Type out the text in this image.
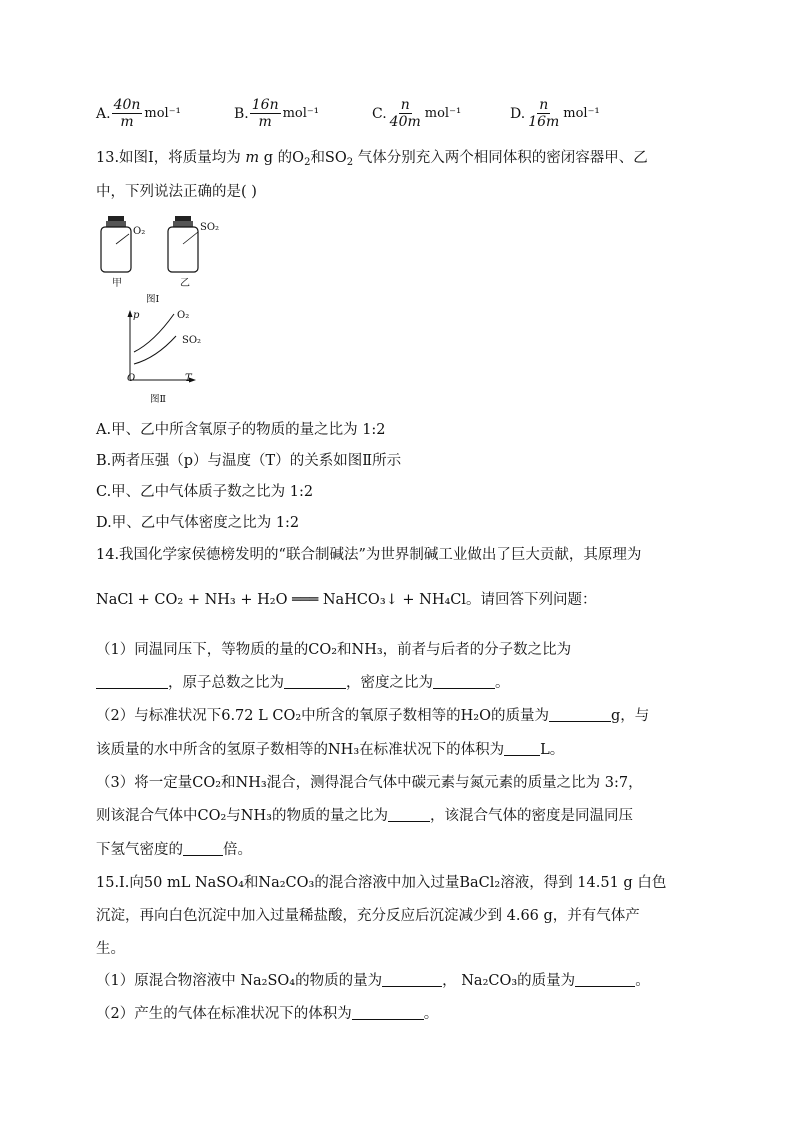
A. $\frac{40n}{m} mol^{-1}$	B. $\frac{16n}{m} mol^{-1}$	C. $\frac{n}{40m} mol^{-1}$	D. $\frac{n}{16m} mol^{-1}$
13.如图Ⅰ，将质量均为 m g 的$O_2$和$SO_2$ 气体分别充入两个相同体积的密闭容器甲、乙
中，下列说法正确的是( )
O₂	SO₂
甲	乙
图Ⅰ
p	O₂
SO₂
O	T
图Ⅱ
A.甲、乙中所含氧原子的物质的量之比为 1:2
B.两者压强（p）与温度（T）的关系如图Ⅱ所示
C.甲、乙中气体质子数之比为 1:2
D.甲、乙中气体密度之比为 1:2
14.我国化学家侯德榜发明的“联合制碱法”为世界制碱工业做出了巨大贡献，其原理为
NaCl + CO₂ + NH₃ + H₂O ═══ NaHCO₃↓ + NH₄Cl。请回答下列问题：
（1）同温同压下，等物质的量的CO₂和NH₃，前者与后者的分子数之比为
，原子总数之比为	，密度之比为	。
（2）与标准状况下6.72 L CO₂中所含的氧原子数相等的H₂O的质量为	g，与
该质量的水中所含的氢原子数相等的NH₃在标准状况下的体积为 L。
（3）将一定量CO₂和NH₃混合，测得混合气体中碳元素与氮元素的质量之比为 3:7，
则该混合气体中CO₂与NH₃的物质的量之比为	，该混合气体的密度是同温同压
下氢气密度的	倍。
15.Ⅰ.向50 mL NaSO₄和Na₂CO₃的混合溶液中加入过量BaCl₂溶液，得到 14.51 g 白色
沉淀，再向白色沉淀中加入过量稀盐酸，充分反应后沉淀减少到 4.66 g，并有气体产
生。
（1）原混合物溶液中 Na₂SO₄的物质的量为	， Na₂CO₃的质量为	。
（2）产生的气体在标准状况下的体积为	。
